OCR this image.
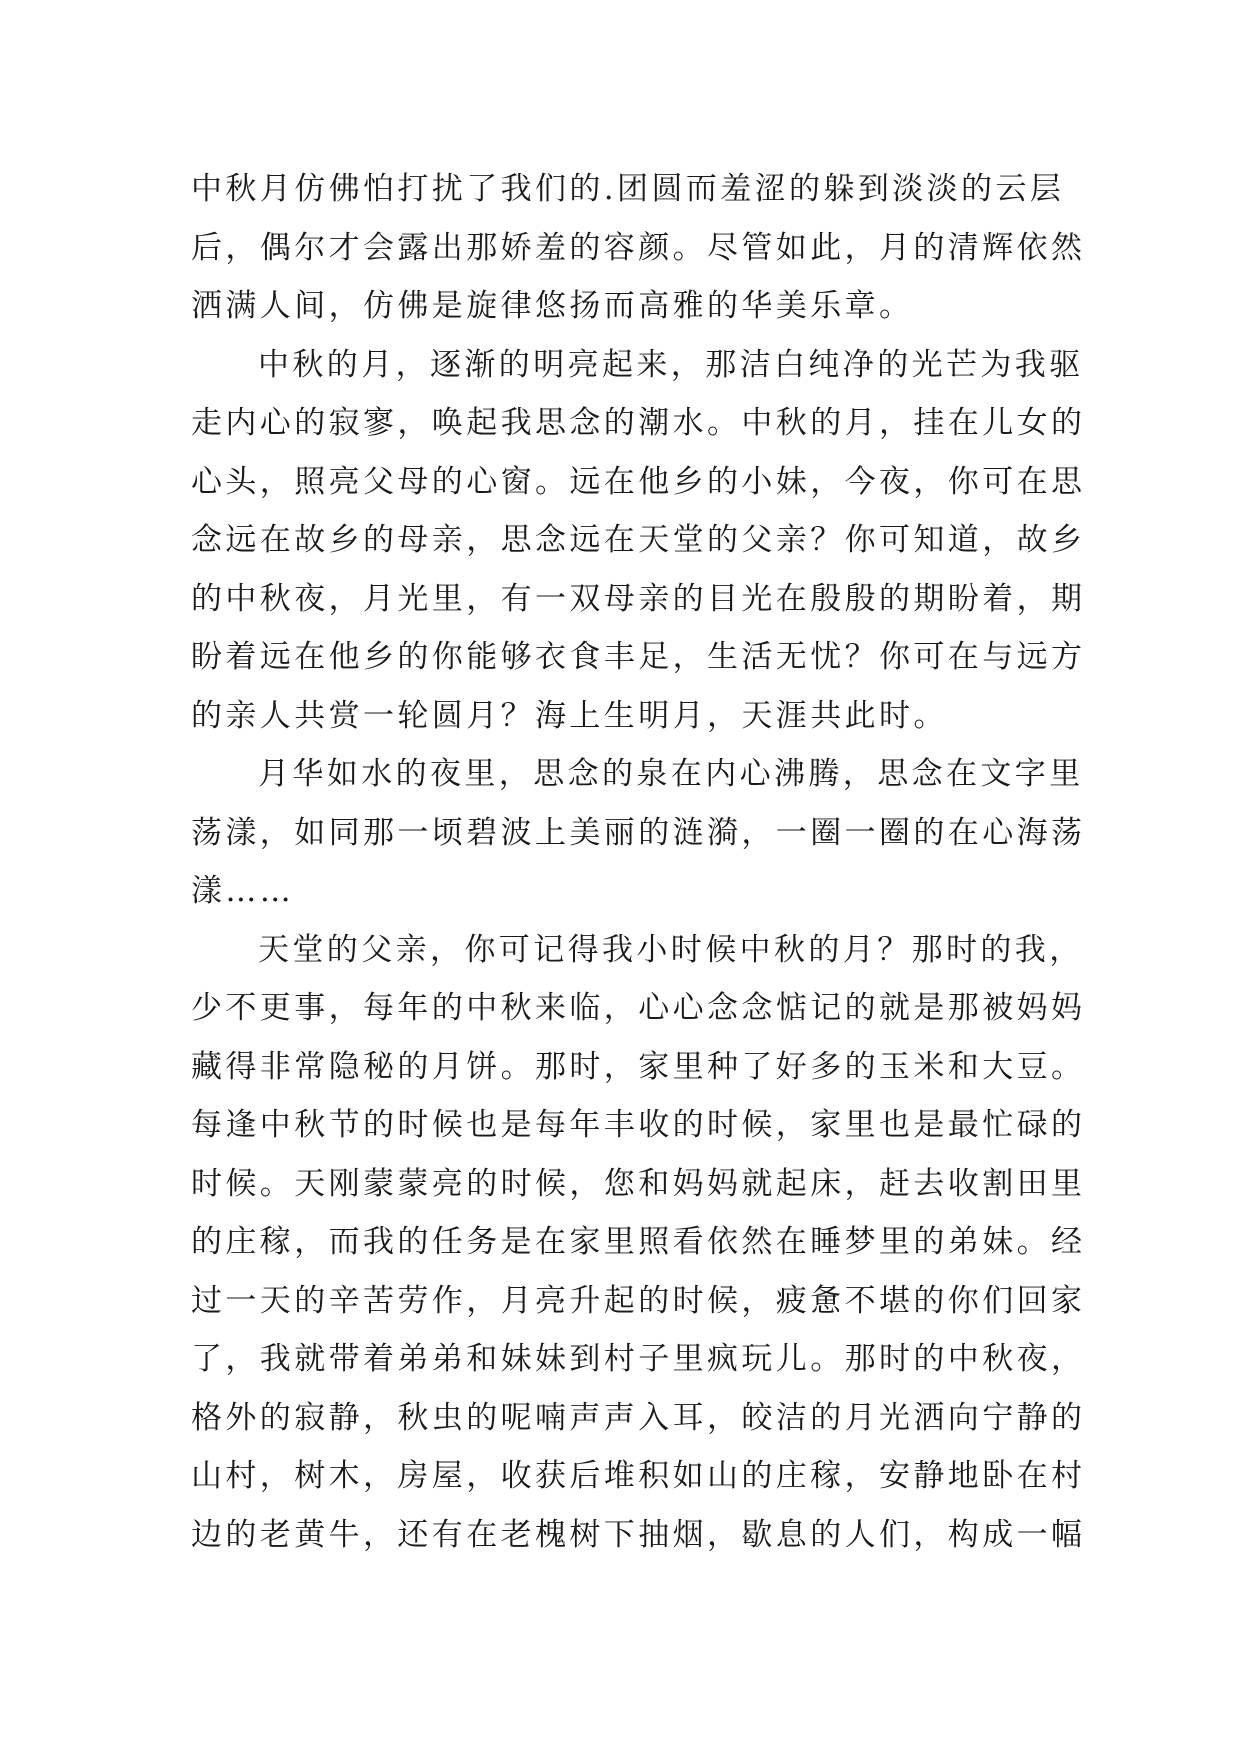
中秋月仿佛怕打扰了我们的.团圆而羞涩的躲到淡淡的云层
后，偶尔才会露出那娇羞的容颜。尽管如此，月的清辉依然
洒满人间，仿佛是旋律悠扬而高雅的华美乐章。
中秋的月，逐渐的明亮起来，那洁白纯净的光芒为我驱
走内心的寂寥，唤起我思念的潮水。中秋的月，挂在儿女的
心头，照亮父母的心窗。远在他乡的小妹，今夜，你可在思
念远在故乡的母亲，思念远在天堂的父亲？你可知道，故乡
的中秋夜，月光里，有一双母亲的目光在殷殷的期盼着，期
盼着远在他乡的你能够衣食丰足，生活无忧？你可在与远方
的亲人共赏一轮圆月？海上生明月，天涯共此时。
月华如水的夜里，思念的泉在内心沸腾，思念在文字里
荡漾，如同那一顷碧波上美丽的涟漪，一圈一圈的在心海荡
漾……
天堂的父亲，你可记得我小时候中秋的月？那时的我，
少不更事，每年的中秋来临，心心念念惦记的就是那被妈妈
藏得非常隐秘的月饼。那时，家里种了好多的玉米和大豆。
每逢中秋节的时候也是每年丰收的时候，家里也是最忙碌的
时候。天刚蒙蒙亮的时候，您和妈妈就起床，赶去收割田里
的庄稼，而我的任务是在家里照看依然在睡梦里的弟妹。经
过一天的辛苦劳作，月亮升起的时候，疲惫不堪的你们回家
了，我就带着弟弟和妹妹到村子里疯玩儿。那时的中秋夜，
格外的寂静，秋虫的呢喃声声入耳，皎洁的月光洒向宁静的
山村，树木，房屋，收获后堆积如山的庄稼，安静地卧在村
边的老黄牛，还有在老槐树下抽烟，歇息的人们，构成一幅
